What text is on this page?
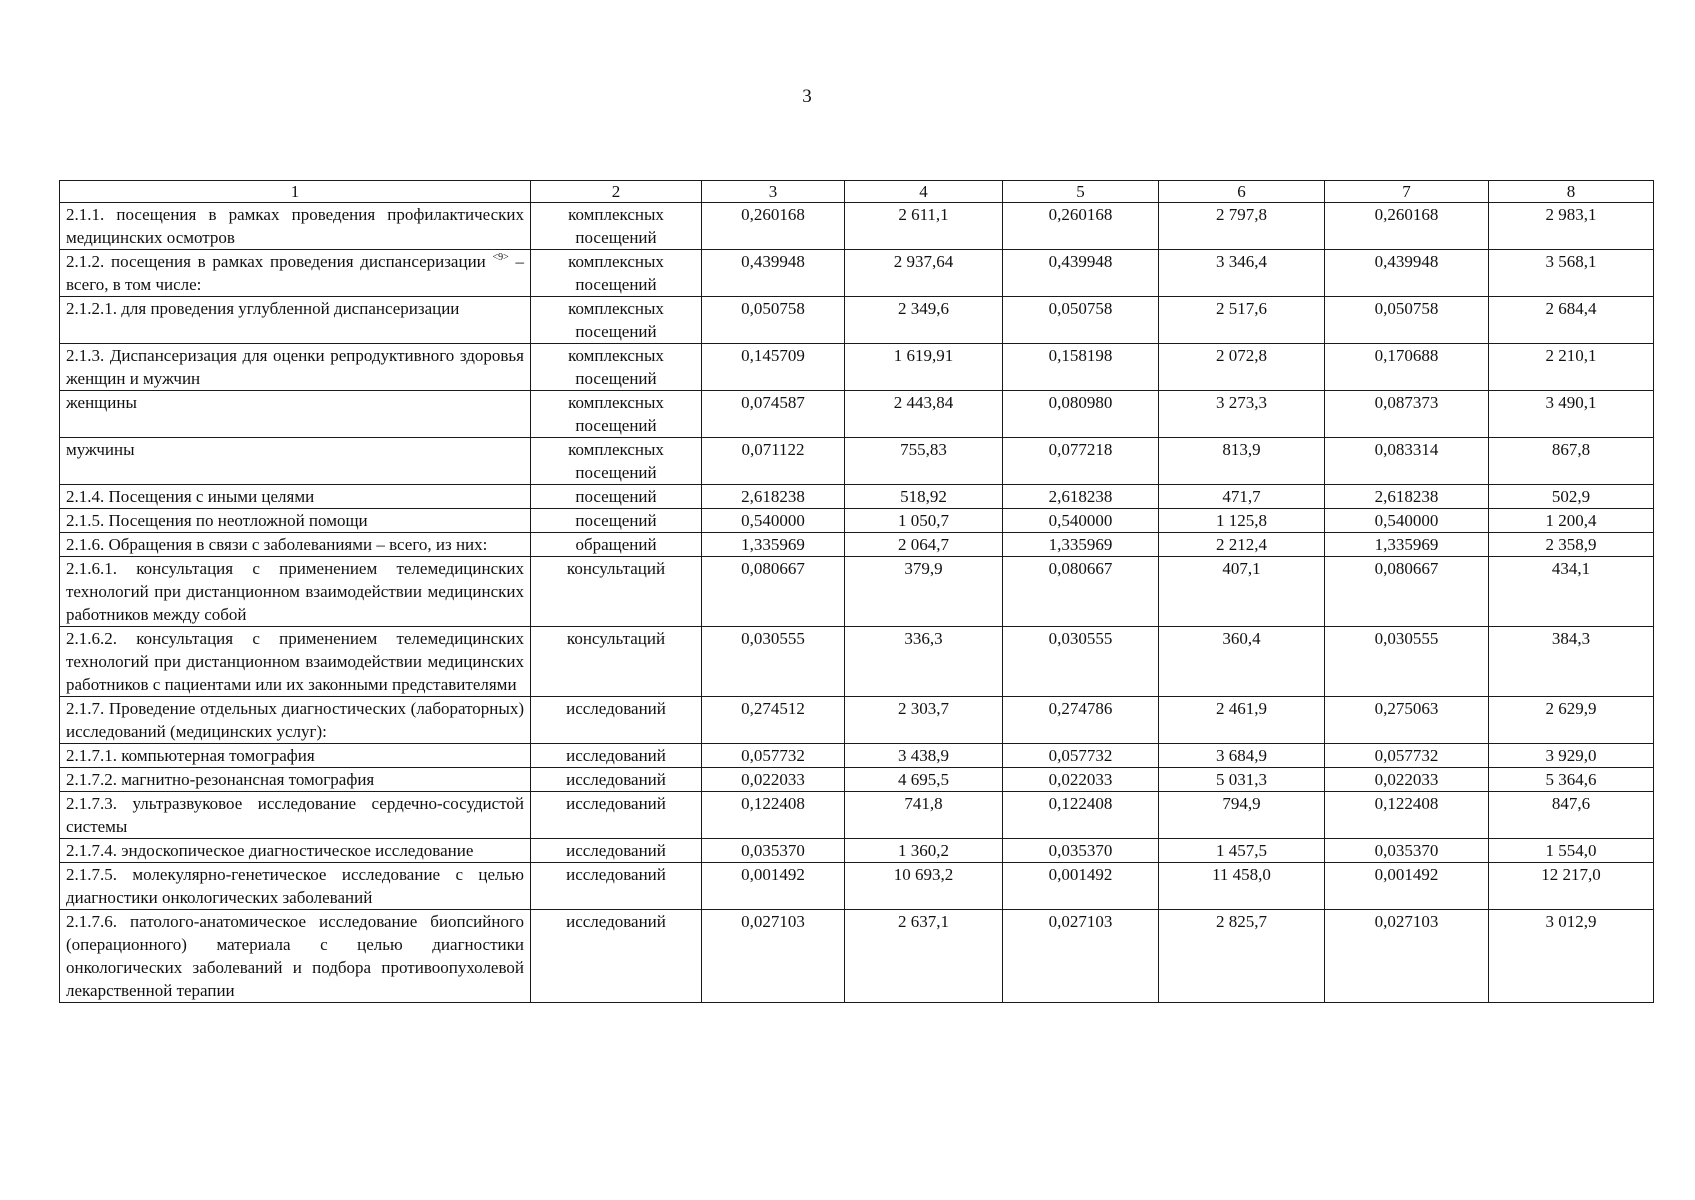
3
1	2	3	4	5	6	7	8
2.1.1. посещения в рамках проведения профилактических медицинских осмотров	комплексных посещений	0,260168	2 611,1	0,260168	2 797,8	0,260168	2 983,1
2.1.2. посещения в рамках проведения диспансеризации $^{<9>}$ – всего, в том числе:	комплексных посещений	0,439948	2 937,64	0,439948	3 346,4	0,439948	3 568,1
2.1.2.1. для проведения углубленной диспансеризации	комплексных посещений	0,050758	2 349,6	0,050758	2 517,6	0,050758	2 684,4
2.1.3. Диспансеризация для оценки репродуктивного здоровья женщин и мужчин	комплексных посещений	0,145709	1 619,91	0,158198	2 072,8	0,170688	2 210,1
женщины	комплексных посещений	0,074587	2 443,84	0,080980	3 273,3	0,087373	3 490,1
мужчины	комплексных посещений	0,071122	755,83	0,077218	813,9	0,083314	867,8
2.1.4. Посещения с иными целями	посещений	2,618238	518,92	2,618238	471,7	2,618238	502,9
2.1.5. Посещения по неотложной помощи	посещений	0,540000	1 050,7	0,540000	1 125,8	0,540000	1 200,4
2.1.6. Обращения в связи с заболеваниями – всего, из них:	обращений	1,335969	2 064,7	1,335969	2 212,4	1,335969	2 358,9
2.1.6.1. консультация с применением телемедицинских технологий при дистанционном взаимодействии медицинских работников между собой	консультаций	0,080667	379,9	0,080667	407,1	0,080667	434,1
2.1.6.2. консультация с применением телемедицинских технологий при дистанционном взаимодействии медицинских работников с пациентами или их законными представителями	консультаций	0,030555	336,3	0,030555	360,4	0,030555	384,3
2.1.7. Проведение отдельных диагностических (лабораторных) исследований (медицинских услуг):	исследований	0,274512	2 303,7	0,274786	2 461,9	0,275063	2 629,9
2.1.7.1. компьютерная томография	исследований	0,057732	3 438,9	0,057732	3 684,9	0,057732	3 929,0
2.1.7.2. магнитно-резонансная томография	исследований	0,022033	4 695,5	0,022033	5 031,3	0,022033	5 364,6
2.1.7.3. ультразвуковое исследование сердечно-сосудистой системы	исследований	0,122408	741,8	0,122408	794,9	0,122408	847,6
2.1.7.4. эндоскопическое диагностическое исследование	исследований	0,035370	1 360,2	0,035370	1 457,5	0,035370	1 554,0
2.1.7.5. молекулярно-генетическое исследование с целью диагностики онкологических заболеваний	исследований	0,001492	10 693,2	0,001492	11 458,0	0,001492	12 217,0
2.1.7.6. патолого-анатомическое исследование биопсийного (операционного) материала с целью диагностики онкологических заболеваний и подбора противоопухолевой лекарственной терапии	исследований	0,027103	2 637,1	0,027103	2 825,7	0,027103	3 012,9
